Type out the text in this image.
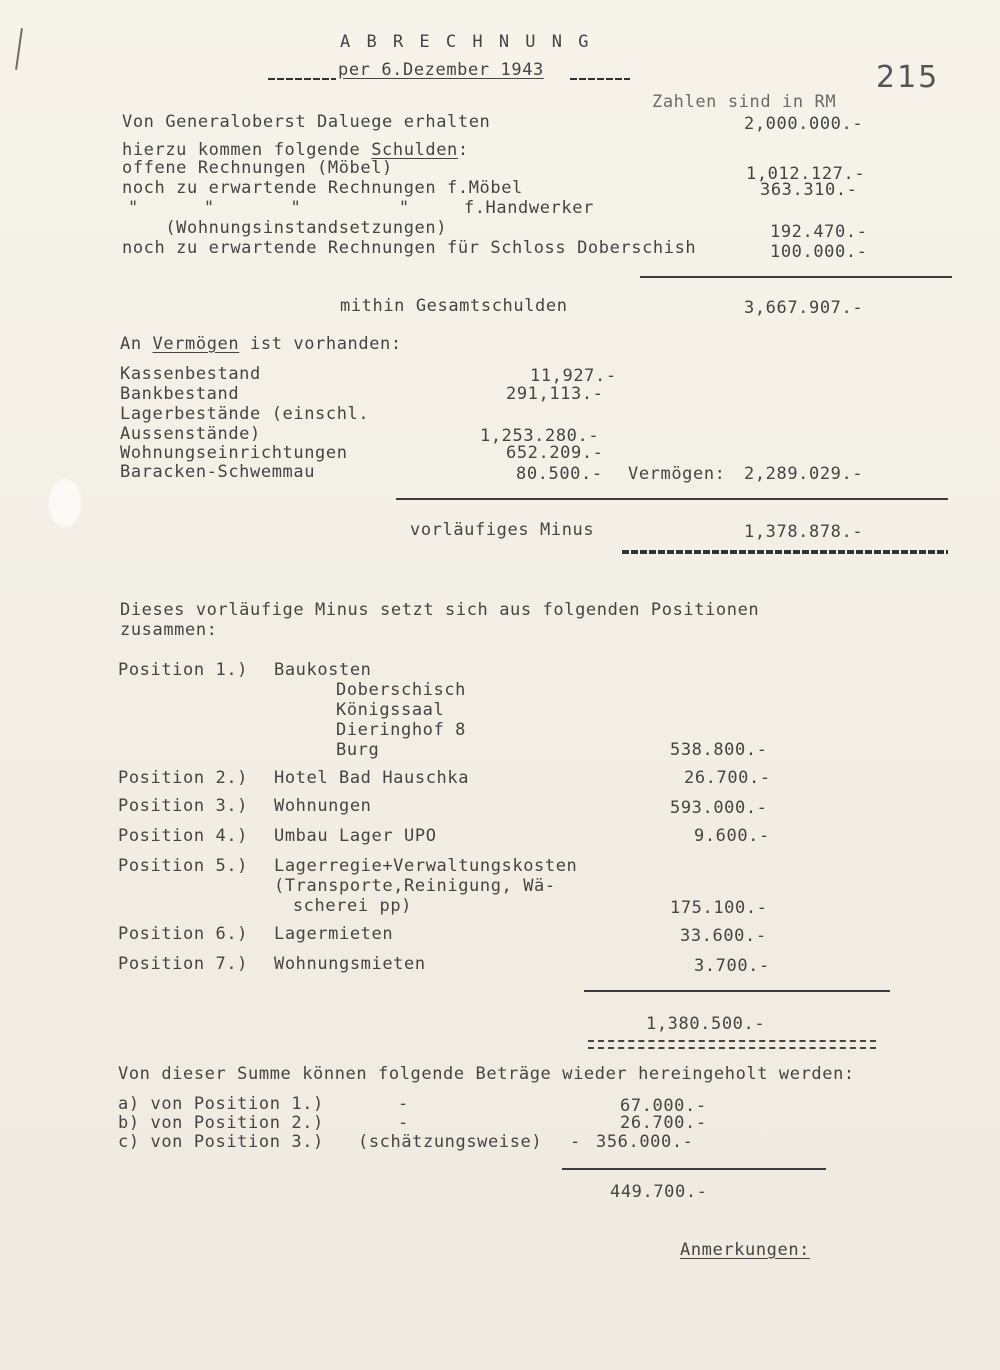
A B R E C H N U N G
per 6.Dezember 1943	215
Zahlen sind in RM
Von Generaloberst Daluege erhalten	2,000.000.-
hierzu kommen folgende Schulden:
offene Rechnungen (Möbel)	1,012.127.-
noch zu erwartende Rechnungen f.Möbel	363.310.-
"      "       "         "     f.Handwerker
(Wohnungsinstandsetzungen)	192.470.-
noch zu erwartende Rechnungen für Schloss Doberschish	100.000.-
mithin Gesamtschulden	3,667.907.-
An Vermögen ist vorhanden:
Kassenbestand	11,927.-
Bankbestand	291,113.-
Lagerbestände (einschl.
Aussenstände)	1,253.280.-
Wohnungseinrichtungen	652.209.-
Baracken-Schwemmau	80.500.- Vermögen: 2,289.029.-
vorläufiges Minus	1,378.878.-
Dieses vorläufige Minus setzt sich aus folgenden Positionen
zusammen:
Position 1.) Baukosten
Doberschisch
Königssaal
Dieringhof 8
Burg	538.800.-
Position 2.) Hotel Bad Hauschka	26.700.-
Position 3.) Wohnungen	593.000.-
Position 4.) Umbau Lager UPO	9.600.-
Position 5.) Lagerregie+Verwaltungskosten
(Transporte,Reinigung, Wä-
scherei pp)	175.100.-
Position 6.) Lagermieten	33.600.-
Position 7.) Wohnungsmieten	3.700.-
1,380.500.-
Von dieser Summe können folgende Beträge wieder hereingeholt werden:
a) von Position 1.)	-	67.000.-
b) von Position 2.)	-	26.700.-
c) von Position 3.) (schätzungsweise) - 356.000.-
449.700.-
Anmerkungen:
